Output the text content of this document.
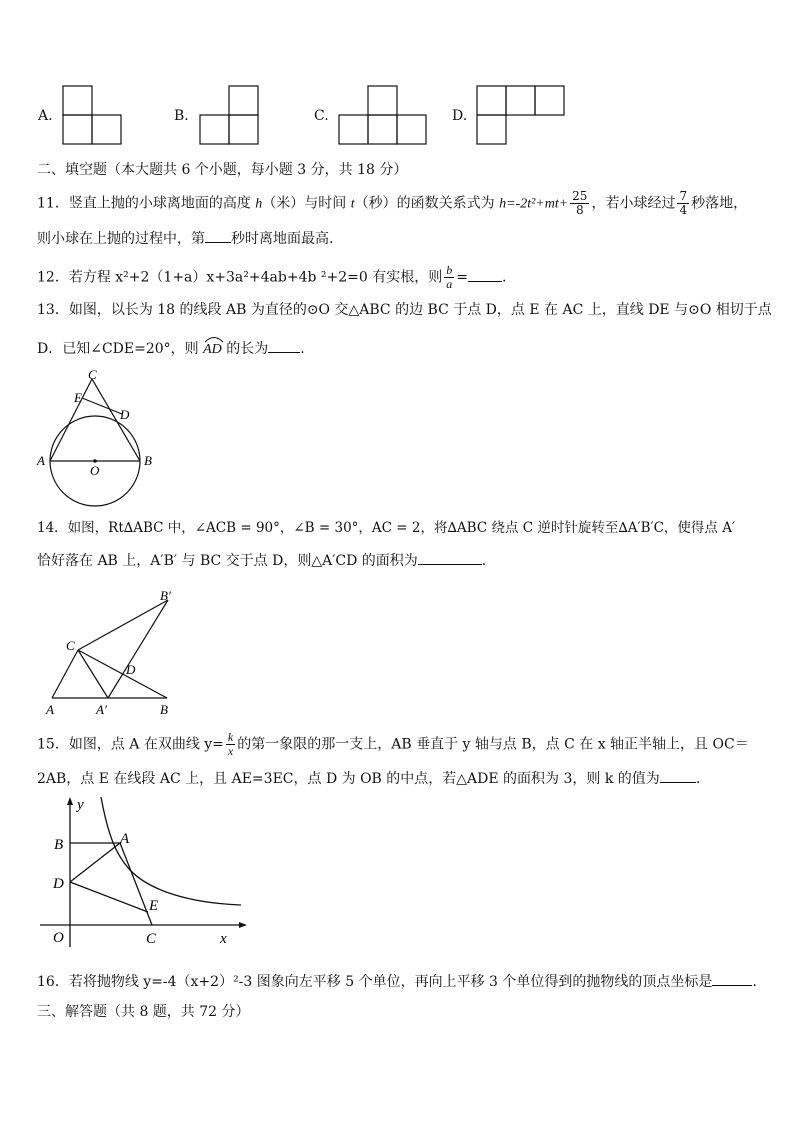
A.	B.	C.	D.
二、填空题（本大题共 6 个小题，每小题 3 分，共 18 分）
11．竖直上抛的小球离地面的高度 h（米）与时间 t（秒）的函数关系式为 $h=-2t^2+mt+ \frac{25}{8}$ ，若小球经过 $\frac{7}{4}$ 秒落地，
则小球在上抛的过程中，第 秒时离地面最高.
12．若方程 x²+2（1+a）x+3a²+4ab+4b ²+2=0 有实根，则 $\frac{b}{a}$ = .
13．如图，以长为 18 的线段 AB 为直径的⊙O 交△ABC 的边 BC 于点 D，点 E 在 AC 上，直线 DE 与⊙O 相切于点
D．已知∠CDE=20°，则 AD 的长为 .
C
E
D
A
O
B
14．如图，Rt∆ABC 中，∠ACB = 90°，∠B = 30°，AC = 2，将∆ABC 绕点 C 逆时针旋转至∆A′B′C，使得点 A′
恰好落在 AB 上，A′B′ 与 BC 交于点 D，则△A′CD 的面积为	.
B′
C
D
A	A′	B
15．如图，点 A 在双曲线 $y= \frac{k}{x}$ 的第一象限的那一支上，AB 垂直于 y 轴与点 B，点 C 在 x 轴正半轴上，且 OC＝
2AB，点 E 在线段 AC 上，且 AE=3EC，点 D 为 OB 的中点，若△ADE 的面积为 3，则 k 的值为	.
y
B	A
D
E
O	C	x
16．若将抛物线 y=-4（x+2）²-3 图象向左平移 5 个单位，再向上平移 3 个单位得到的抛物线的顶点坐标是	.
三、解答题（共 8 题，共 72 分）
